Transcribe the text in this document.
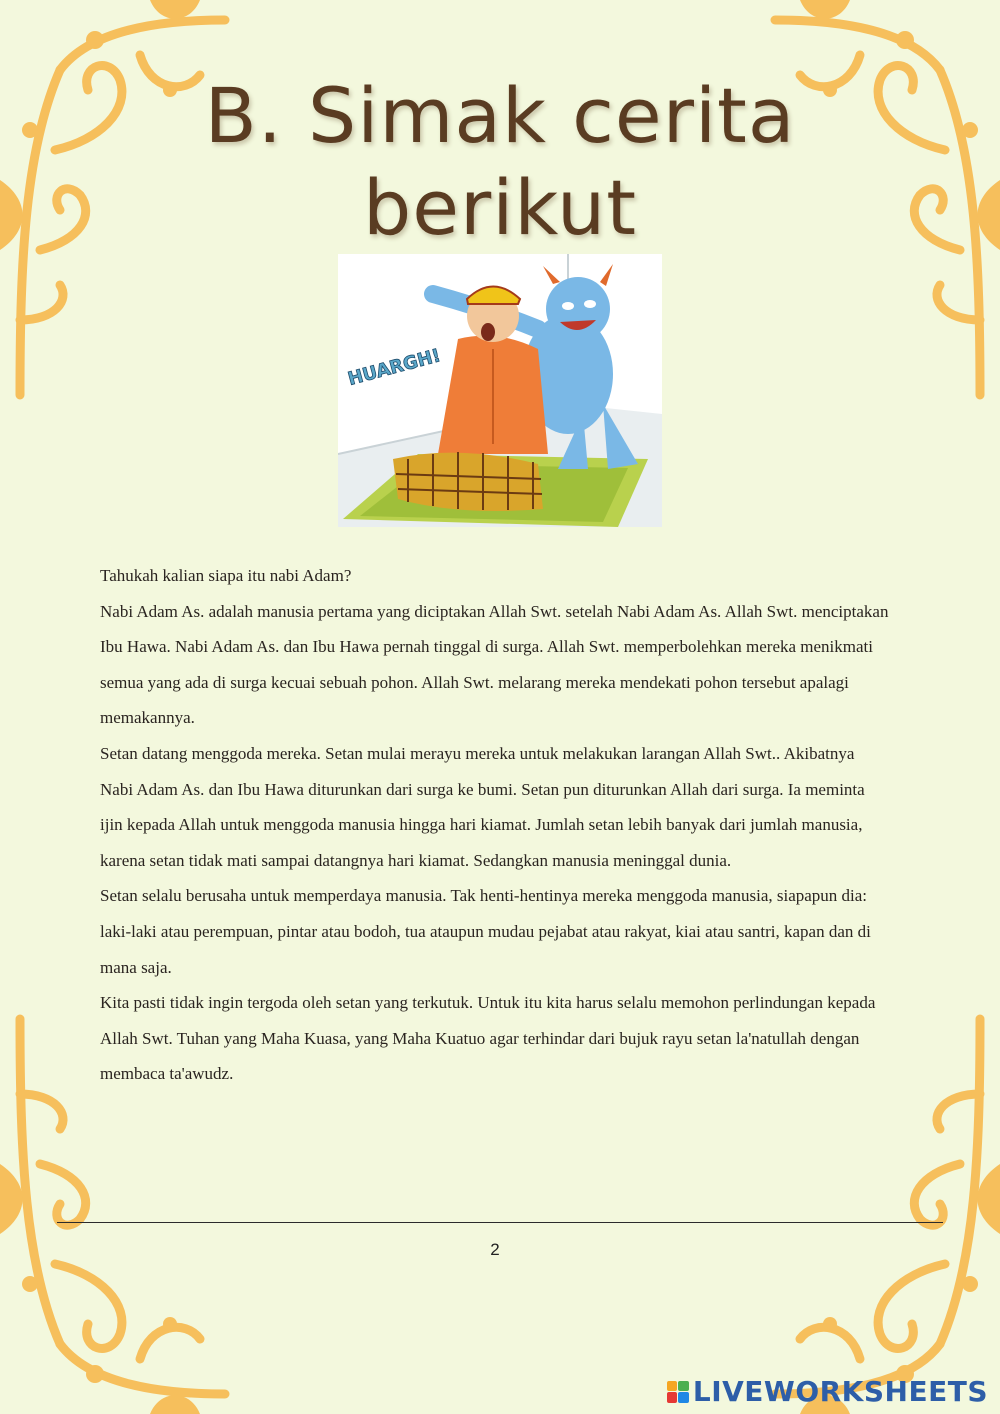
B. Simak cerita
berikut
HUARGH!

Tahukah kalian siapa itu nabi Adam?

Nabi Adam As. adalah manusia pertama yang diciptakan Allah Swt. setelah Nabi Adam As. Allah Swt. menciptakan Ibu Hawa. Nabi Adam As. dan Ibu Hawa pernah tinggal di surga. Allah Swt. memperbolehkan mereka menikmati semua yang ada di surga kecuai sebuah pohon. Allah Swt. melarang mereka mendekati pohon tersebut apalagi memakannya.

Setan datang menggoda mereka. Setan mulai merayu mereka untuk melakukan larangan Allah Swt.. Akibatnya Nabi Adam As. dan Ibu Hawa diturunkan dari surga ke bumi. Setan pun diturunkan Allah dari surga. Ia meminta ijin kepada Allah untuk menggoda manusia hingga hari kiamat. Jumlah setan lebih banyak dari jumlah manusia, karena setan tidak mati sampai datangnya hari kiamat. Sedangkan manusia meninggal dunia.

Setan selalu berusaha untuk memperdaya manusia. Tak henti-hentinya mereka menggoda manusia, siapapun dia: laki-laki atau perempuan, pintar atau bodoh, tua ataupun mudau pejabat atau rakyat, kiai atau santri, kapan dan di mana saja.

Kita pasti tidak ingin tergoda oleh setan yang terkutuk. Untuk itu kita harus selalu memohon perlindungan kepada Allah Swt. Tuhan yang Maha Kuasa, yang Maha Kuatuo agar terhindar dari bujuk rayu setan la'natullah dengan membaca ta'awudz.

2
LIVEWORKSHEETS
